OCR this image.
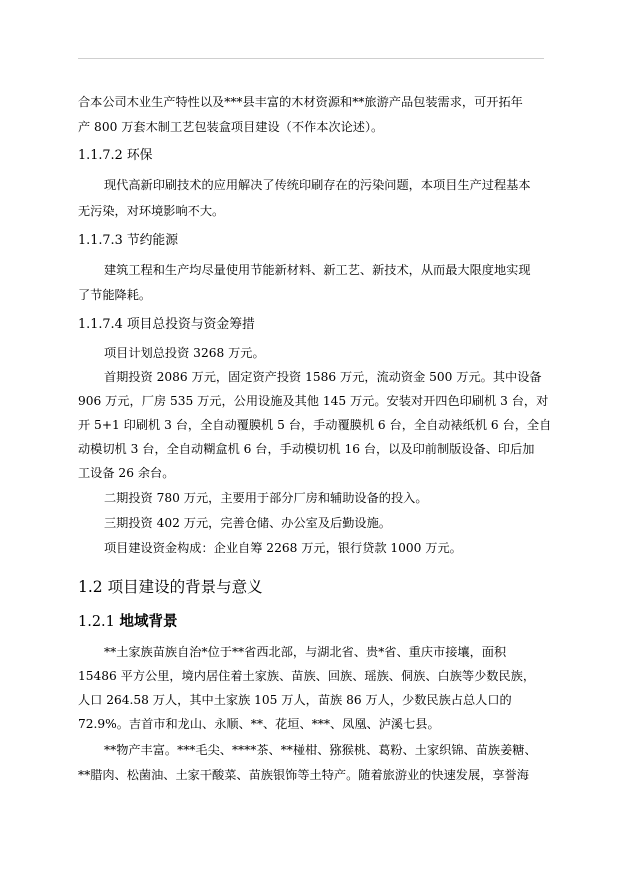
合本公司木业生产特性以及***县丰富的木材资源和**旅游产品包装需求，可开拓年
产 800 万套木制工艺包装盒项目建设（不作本次论述）。
1.1.7.2 环保
现代高新印刷技术的应用解决了传统印刷存在的污染问题，本项目生产过程基本
无污染，对环境影响不大。
1.1.7.3 节约能源
建筑工程和生产均尽量使用节能新材料、新工艺、新技术，从而最大限度地实现
了节能降耗。
1.1.7.4 项目总投资与资金筹措
项目计划总投资 3268 万元。
首期投资 2086 万元，固定资产投资 1586 万元，流动资金 500 万元。其中设备
906 万元，厂房 535 万元，公用设施及其他 145 万元。安装对开四色印刷机 3 台，对
开 5+1 印刷机 3 台，全自动覆膜机 5 台，手动覆膜机 6 台，全自动裱纸机 6 台，全自
动模切机 3 台，全自动糊盒机 6 台，手动模切机 16 台，以及印前制版设备、印后加
工设备 26 余台。
二期投资 780 万元，主要用于部分厂房和辅助设备的投入。
三期投资 402 万元，完善仓储、办公室及后勤设施。
项目建设资金构成：企业自筹 2268 万元，银行贷款 1000 万元。
1.2 项目建设的背景与意义
1.2.1 地域背景
**土家族苗族自治*位于**省西北部，与湖北省、贵*省、重庆市接壤，面积
15486 平方公里，境内居住着土家族、苗族、回族、瑶族、侗族、白族等少数民族，
人口 264.58 万人，其中土家族 105 万人，苗族 86 万人，少数民族占总人口的
72.9%。吉首市和龙山、永顺、**、花垣、***、凤凰、泸溪七县。
**物产丰富。***毛尖、****茶、**椪柑、猕猴桃、葛粉、土家织锦、苗族姜糖、
**腊肉、松菌油、土家干酸菜、苗族银饰等土特产。随着旅游业的快速发展，享誉海
